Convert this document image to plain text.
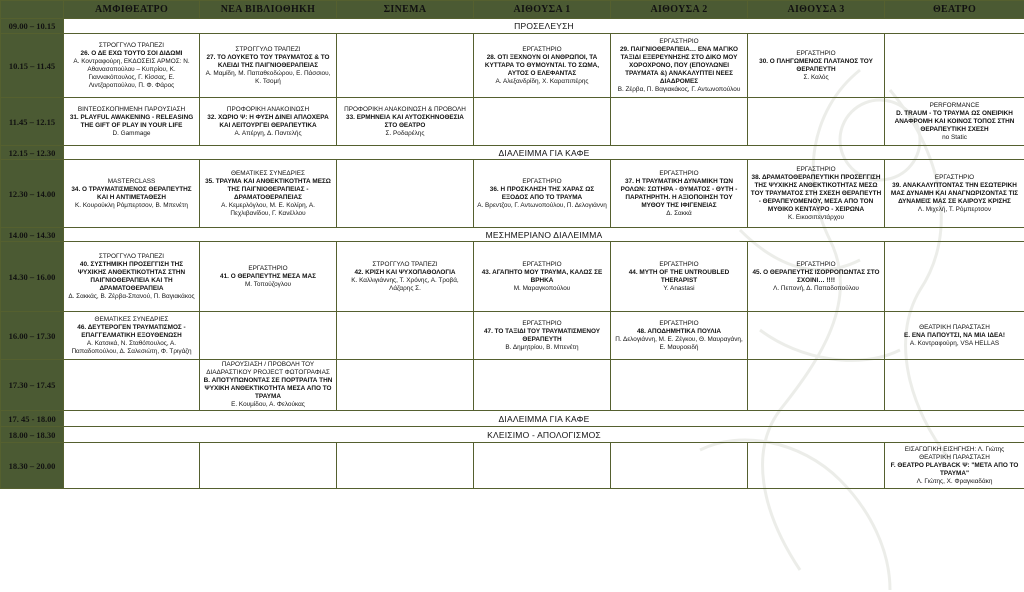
	ΑΜΦΙΘΕΑΤΡΟ	ΝΕΑ ΒΙΒΛΙΟΘΗΚΗ	ΣΙΝΕΜΑ	ΑΙΘΟΥΣΑ 1	ΑΙΘΟΥΣΑ 2	ΑΙΘΟΥΣΑ 3	ΘΕΑΤΡΟ
09.00 – 10.15	ΠΡΟΣΕΛΕΥΣΗ						
10.15 – 11.45	ΣΤΡΟΓΓΥΛΟ ΤΡΑΠΕΖΙ
26. Ο ΔΕ ΕΧΩ ΤΟΥΤΟ ΣΟΙ ΔΙΔΩΜΙ
Α. Κοντραφούρη, ΕΚΔΟΣΕΙΣ ΑΡΜΟΣ: Ν. Αθανασοπούλου – Κυπρίου, Κ. Γιαννακόπουλος, Γ. Κίσσας, Ε. Λιντζαροπούλου, Π. Φ. Φάρος	ΣΤΡΟΓΓΥΛΟ ΤΡΑΠΕΖΙ
27. ΤΟ ΛΟΥΚΕΤΟ ΤΟΥ ΤΡΑΥΜΑΤΟΣ & ΤΟ ΚΛΕΙΔΙ ΤΗΣ ΠΑΙΓΝΙΟΘΕΡΑΠΕΙΑΣ
Α. Μαμίδη, Μ. Παπαθεοδώρου, Ε. Πάσσιου, Κ. Τσομή		ΕΡΓΑΣΤΗΡΙΟ
28. ΟΤΙ ΞΕΧΝΟΥΝ ΟΙ ΑΝΘΡΩΠΟΙ, ΤΑ ΚΥΤΤΑΡΑ ΤΟ ΘΥΜΟΥΝΤΑΙ. ΤΟ ΣΩΜΑ, ΑΥΤΟΣ Ο ΕΛΕΦΑΝΤΑΣ
Α. Αλεξανδρίδη, Χ. Καραπιπέρης	ΕΡΓΑΣΤΗΡΙΟ
29. ΠΑΙΓΝΙΟΘΕΡΑΠΕΙΑ… ΕΝΑ ΜΑΓΙΚΟ ΤΑΞΙΔΙ ΕΞΕΡΕΥΝΗΣΗΣ ΣΤΟ ΔΙΚΟ ΜΟΥ ΧΟΡΟΧΡΟΝΟ, ΠΟΥ (ΕΠΟΥΛΩΝΕΙ ΤΡΑΥΜΑΤΑ &) ΑΝΑΚΑΛΥΠΤΕΙ ΝΕΕΣ ΔΙΑΔΡΟΜΕΣ
Β. Ζέρβα, Π. Βαγιακάκος, Γ. Αντωνοπούλου	ΕΡΓΑΣΤΗΡΙΟ
30. Ο ΠΛΗΓΩΜΕΝΟΣ ΠΛΑΤΑΝΟΣ ΤΟΥ ΘΕΡΑΠΕΥΤΗ
Σ. Καλός	

11.45 – 12.15	ΒΙΝΤΕΟΣΚΟΠΗΜΕΝΗ ΠΑΡΟΥΣΙΑΣΗ
31. PLAYFUL AWAKENING - RELEASING THE GIFT OF PLAY IN YOUR LIFE
D. Gammage	ΠΡΟΦΟΡΙΚΗ ΑΝΑΚΟΙΝΩΣΗ
32. ΧΩΡΙΟ Ψ: Η ΦΥΣΗ ΔΙΝΕΙ ΑΠΛΟΧΕΡΑ ΚΑΙ ΛΕΙΤΟΥΡΓΕΙ ΘΕΡΑΠΕΥΤΙΚΑ
Α. Απέργη, Δ. Παντελής	ΠΡΟΦΟΡΙΚΗ ΑΝΑΚΟΙΝΩΣΗ & ΠΡΟΒΟΛΗ
33. ΕΡΜΗΝΕΙΑ ΚΑΙ ΑΥΤΟΣΚΗΝΟΘΕΣΙΑ ΣΤΟ ΘΕΑΤΡΟ
Σ. Ροδαρέλης				PERFORMANCE
D. TRAUM - ΤΟ ΤΡΑΥΜΑ ΩΣ ΟΝΕΙΡΙΚΗ ΑΝΑΦΡΟΜΗ ΚΑΙ ΚΟΙΝΟΣ ΤΟΠΟΣ ΣΤΗΝ ΘΕΡΑΠΕΥΤΙΚΗ ΣΧΕΣΗ
no Static

12.15 – 12.30	ΔΙΑΛΕΙΜΜΑ ΓΙΑ ΚΑΦΕ						
12.30 – 14.00	MASTERCLASS
34. Ο ΤΡΑΥΜΑΤΙΣΜΕΝΟΣ ΘΕΡΑΠΕΥΤΗΣ ΚΑΙ Η ΑΝΤΙΜΕΤΑΘΕΣΗ
Κ. Κουρούκλη Ρόμπερτσον, Β. Μπενέτη	ΘΕΜΑΤΙΚΕΣ ΣΥΝΕΔΡΙΕΣ
35. ΤΡΑΥΜΑ ΚΑΙ ΑΝΘΕΚΤΙΚΟΤΗΤΑ ΜΕΣΩ ΤΗΣ ΠΑΙΓΝΙΟΘΕΡΑΠΕΙΑΣ - ΔΡΑΜΑΤΟΘΕΡΑΠΕΙΑΣ
Α. Κεμερλόγλου, Μ. Ε. Κολίρη, Α. Πεχλιβανίδου, Γ. Κανέλλου		ΕΡΓΑΣΤΗΡΙΟ
36. Η ΠΡΟΣΚΛΗΣΗ ΤΗΣ ΧΑΡΑΣ ΩΣ ΕΞΟΔΟΣ ΑΠΟ ΤΟ ΤΡΑΥΜΑ
Α. Βρεντζου, Γ. Αντωνοπούλου, Π. Δελογιάννη	ΕΡΓΑΣΤΗΡΙΟ
37. Η ΤΡΑΥΜΑΤΙΚΗ ΔΥΝΑΜΙΚΗ ΤΩΝ ΡΟΛΩΝ: ΣΩΤΗΡΑ - ΘΥΜΑΤΟΣ - ΘΥΤΗ - ΠΑΡΑΤΗΡΗΤΗ. Η ΑΞΙΟΠΟΙΗΣΗ ΤΟΥ ΜΥΘΟΥ ΤΗΣ ΙΦΙΓΕΝΕΙΑΣ
Δ. Σακκά	ΕΡΓΑΣΤΗΡΙΟ
38. ΔΡΑΜΑΤΟΘΕΡΑΠΕΥΤΙΚΗ ΠΡΟΣΕΓΓΙΣΗ ΤΗΣ ΨΥΧΙΚΗΣ ΑΝΘΕΚΤΙΚΟΤΗΤΑΣ ΜΕΣΩ ΤΟΥ ΤΡΑΥΜΑΤΟΣ ΣΤΗ ΣΧΕΣΗ ΘΕΡΑΠΕΥΤΗ - ΘΕΡΑΠΕΥΟΜΕΝΟΥ, ΜΕΣΑ ΑΠΟ ΤΟΝ ΜΥΘΙΚΟ ΚΕΝΤΑΥΡΟ - ΧΕΙΡΩΝΑ
Κ. Εικοσιπεντάρχου	ΕΡΓΑΣΤΗΡΙΟ
39. ΑΝΑΚΑΛΥΠΤΟΝΤΑΣ ΤΗΝ ΕΣΩΤΕΡΙΚΗ ΜΑΣ ΔΥΝΑΜΗ ΚΑΙ ΑΝΑΓΝΩΡΙΖΟΝΤΑΣ ΤΙΣ ΔΥΝΑΜΕΙΣ ΜΑΣ ΣΕ ΚΑΙΡΟΥΣ ΚΡΙΣΗΣ
Λ. Μιχελή, Τ. Ρόμπερτσον

14.00 – 14.30	ΜΕΣΗΜΕΡΙΑΝΟ ΔΙΑΛΕΙΜΜΑ						
14.30 – 16.00	ΣΤΡΟΓΓΥΛΟ ΤΡΑΠΕΖΙ
40. ΣΥΣΤΗΜΙΚΗ ΠΡΟΣΕΓΓΙΣΗ ΤΗΣ ΨΥΧΙΚΗΣ ΑΝΘΕΚΤΙΚΟΤΗΤΑΣ ΣΤΗΝ ΠΑΙΓΝΙΟΘΕΡΑΠΕΙΑ ΚΑΙ ΤΗ ΔΡΑΜΑΤΟΘΕΡΑΠΕΙΑ
Δ. Σακκάς, Β. Ζέρβα-Σπανού, Π. Βαγιακάκος	ΕΡΓΑΣΤΗΡΙΟ
41. Ο ΘΕΡΑΠΕΥΤΗΣ ΜΕΣΑ ΜΑΣ
Μ. Τοπούζογλου	ΣΤΡΟΓΓΥΛΟ ΤΡΑΠΕΖΙ
42. ΚΡΙΣΗ ΚΑΙ ΨΥΧΟΠΑΘΟΛΟΓΙΑ
Κ. Καλλιγιάννης, Τ. Χρόνης, Α. Τροβά, Λάζαρης Σ.	ΕΡΓΑΣΤΗΡΙΟ
43. ΑΓΑΠΗΤΟ ΜΟΥ ΤΡΑΥΜΑ, ΚΑΛΩΣ ΣΕ ΒΡΗΚΑ
Μ. Μαραγκοπούλου	ΕΡΓΑΣΤΗΡΙΟ
44. MYTH OF THE UNTROUBLED THERAPIST
Y. Anastasi	ΕΡΓΑΣΤΗΡΙΟ
45. Ο ΘΕΡΑΠΕΥΤΗΣ ΙΣΟΡΡΟΠΩΝΤΑΣ ΣΤΟ ΣΧΟΙΝΙ… !!!!
Λ. Πεπονή, Δ. Παπαδοπούλου	

16.00 – 17.30	ΘΕΜΑΤΙΚΕΣ ΣΥΝΕΔΡΙΕΣ
46. ΔΕΥΤΕΡΟΓΕΝ ΤΡΑΥΜΑΤΙΣΜΟΣ - ΕΠΑΓΓΕΛΜΑΤΙΚΗ ΕΞΟΥΘΕΝΩΣΗ
Α. Κατσικά, Ν. Σταθόπουλος, Α. Παπαδοπούλου, Δ. Σαλεσιώτη, Φ. Τριγάζη			ΕΡΓΑΣΤΗΡΙΟ
47. ΤΟ ΤΑΞΙΔΙ ΤΟΥ ΤΡΑΥΜΑΤΙΣΜΕΝΟΥ ΘΕΡΑΠΕΥΤΗ
Β. Δημητρίου, Β. Μπενέτη	ΕΡΓΑΣΤΗΡΙΟ
48. ΑΠΟΔΗΜΗΤΙΚΑ ΠΟΥΛΙΑ
Π. Δελογιάννη, Μ. Ε. Ζέγκου, Θ. Μαυραγάνη, Ε. Μαυροειδή		ΘΕΑΤΡΙΚΗ ΠΑΡΑΣΤΑΣΗ
Ε. ΕΝΑ ΠΑΠΟΥΤΣΙ, ΝΑ ΜΙΑ ΙΔΕΑ!
Α. Κοντραφούρη, VSA HELLAS

17.30 – 17.45		ΠΑΡΟΥΣΙΑΣΗ / ΠΡΟΒΟΛΗ ΤΟΥ ΔΙΑΔΡΑΣΤΙΚΟΥ PROJECT ΦΩΤΟΓΡΑΦΙΑΣ
Β. ΑΠΟΤΥΠΩΝΟΝΤΑΣ ΣΕ ΠΟΡΤΡΑΙΤΑ ΤΗΝ ΨΥΧΙΚΗ ΑΝΘΕΚΤΙΚΟΤΗΤΑ ΜΕΣΑ ΑΠΟ ΤΟ ΤΡΑΥΜΑ
Ε. Κουμίδου, Α. Φελούκας					

17. 45 - 18.00	ΔΙΑΛΕΙΜΜΑ ΓΙΑ ΚΑΦΕ						
18.00 – 18.30	ΚΛΕΙΣΙΜΟ - ΑΠΟΛΟΓΙΣΜΟΣ						
18.30 – 20.00							ΕΙΣΑΓΩΓΙΚΗ ΕΙΣΗΓΗΣΗ: Λ. Γιώτης
ΘΕΑΤΡΙΚΗ ΠΑΡΑΣΤΑΣΗ
F. ΘΕΑΤΡΟ PLAYBACK Ψ: "ΜΕΤΑ ΑΠΟ ΤΟ ΤΡΑΥΜΑ"
Λ. Γιώτης, Χ. Φραγκιαδάκη
